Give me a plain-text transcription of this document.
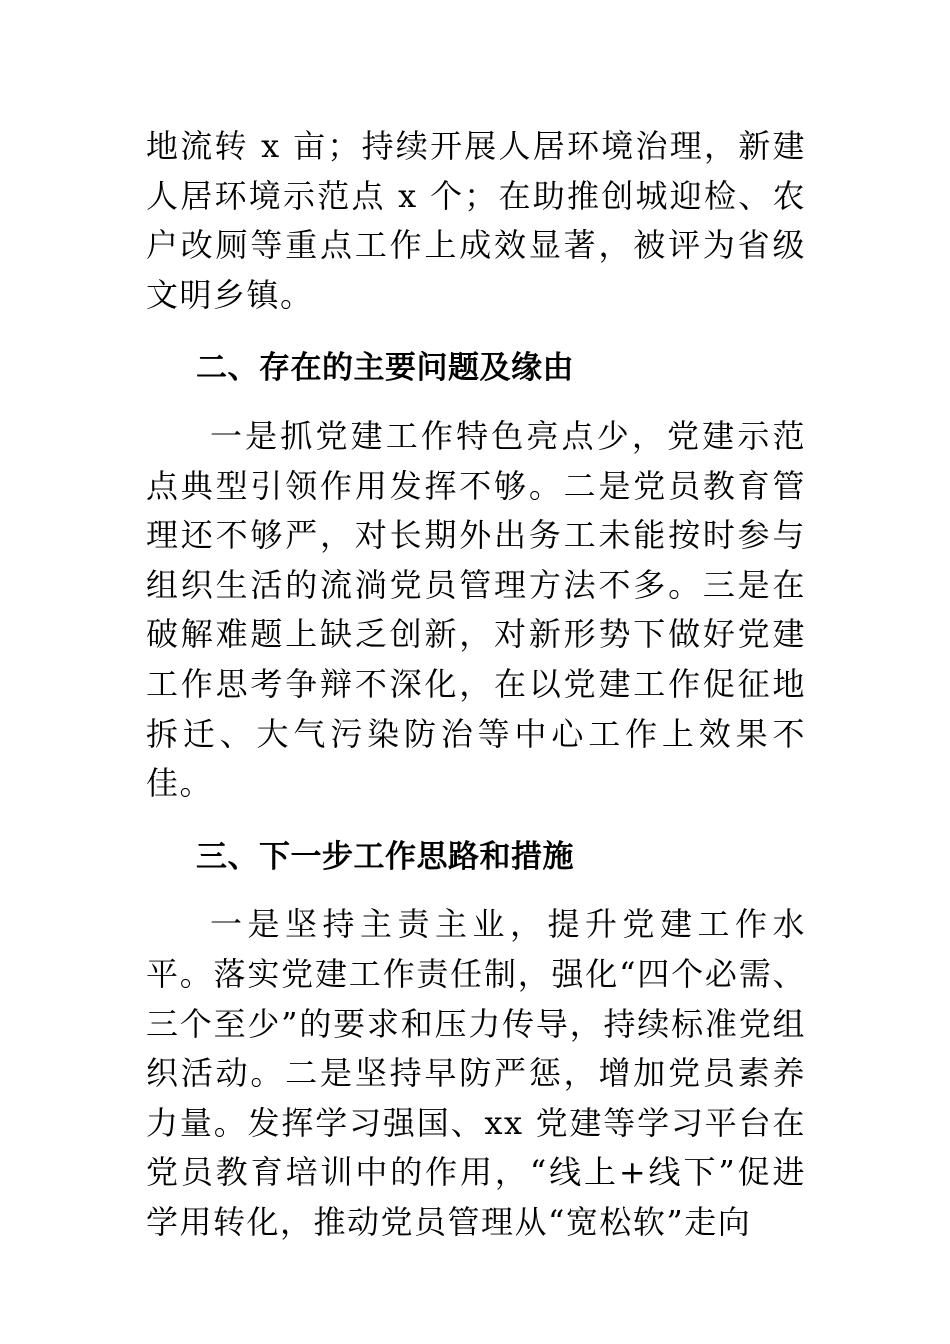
地流转 x 亩；持续开展人居环境治理，新建人居环境示范点 x 个；在助推创城迎检、农户改厕等重点工作上成效显著，被评为省级文明乡镇。

二、存在的主要问题及缘由

一是抓党建工作特色亮点少，党建示范点典型引领作用发挥不够。二是党员教育管理还不够严，对长期外出务工未能按时参与组织生活的流淌党员管理方法不多。三是在破解难题上缺乏创新，对新形势下做好党建工作思考争辩不深化，在以党建工作促征地拆迁、大气污染防治等中心工作上效果不佳。

三、下一步工作思路和措施

一是坚持主责主业，提升党建工作水平。落实党建工作责任制，强化“四个必需、三个至少”的要求和压力传导，持续标准党组织活动。二是坚持早防严惩，增加党员素养力量。发挥学习强国、xx 党建等学习平台在党员教育培训中的作用，“线上+线下”促进学用转化，推动党员管理从“宽松软”走向
